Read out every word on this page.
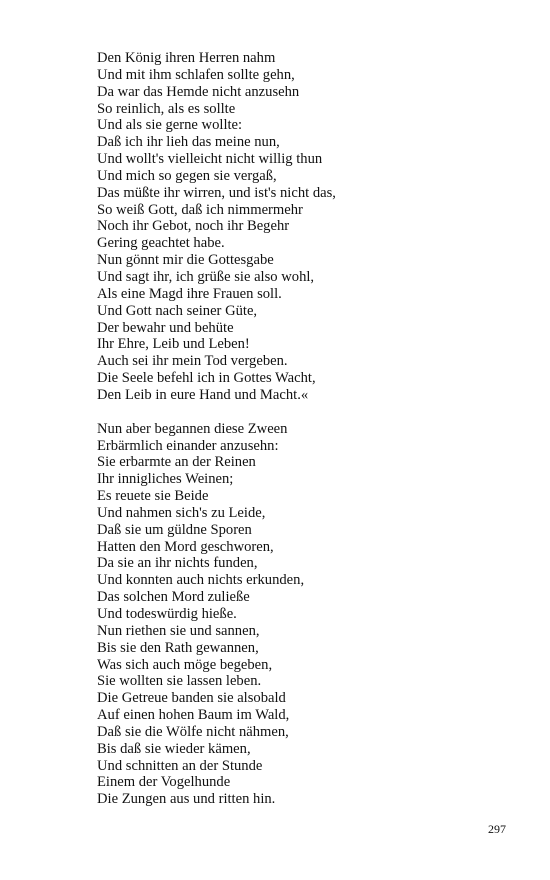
Den König ihren Herren nahm
Und mit ihm schlafen sollte gehn,
Da war das Hemde nicht anzusehn
So reinlich, als es sollte
Und als sie gerne wollte:
Daß ich ihr lieh das meine nun,
Und wollt's vielleicht nicht willig thun
Und mich so gegen sie vergaß,
Das müßte ihr wirren, und ist's nicht das,
So weiß Gott, daß ich nimmermehr
Noch ihr Gebot, noch ihr Begehr
Gering geachtet habe.
Nun gönnt mir die Gottesgabe
Und sagt ihr, ich grüße sie also wohl,
Als eine Magd ihre Frauen soll.
Und Gott nach seiner Güte,
Der bewahr und behüte
Ihr Ehre, Leib und Leben!
Auch sei ihr mein Tod vergeben.
Die Seele befehl ich in Gottes Wacht,
Den Leib in eure Hand und Macht.«
Nun aber begannen diese Zween
Erbärmlich einander anzusehn:
Sie erbarmte an der Reinen
Ihr innigliches Weinen;
Es reuete sie Beide
Und nahmen sich's zu Leide,
Daß sie um güldne Sporen
Hatten den Mord geschworen,
Da sie an ihr nichts funden,
Und konnten auch nichts erkunden,
Das solchen Mord zuließe
Und todeswürdig hieße.
Nun riethen sie und sannen,
Bis sie den Rath gewannen,
Was sich auch möge begeben,
Sie wollten sie lassen leben.
Die Getreue banden sie alsobald
Auf einen hohen Baum im Wald,
Daß sie die Wölfe nicht nähmen,
Bis daß sie wieder kämen,
Und schnitten an der Stunde
Einem der Vogelhunde
Die Zungen aus und ritten hin.
297
